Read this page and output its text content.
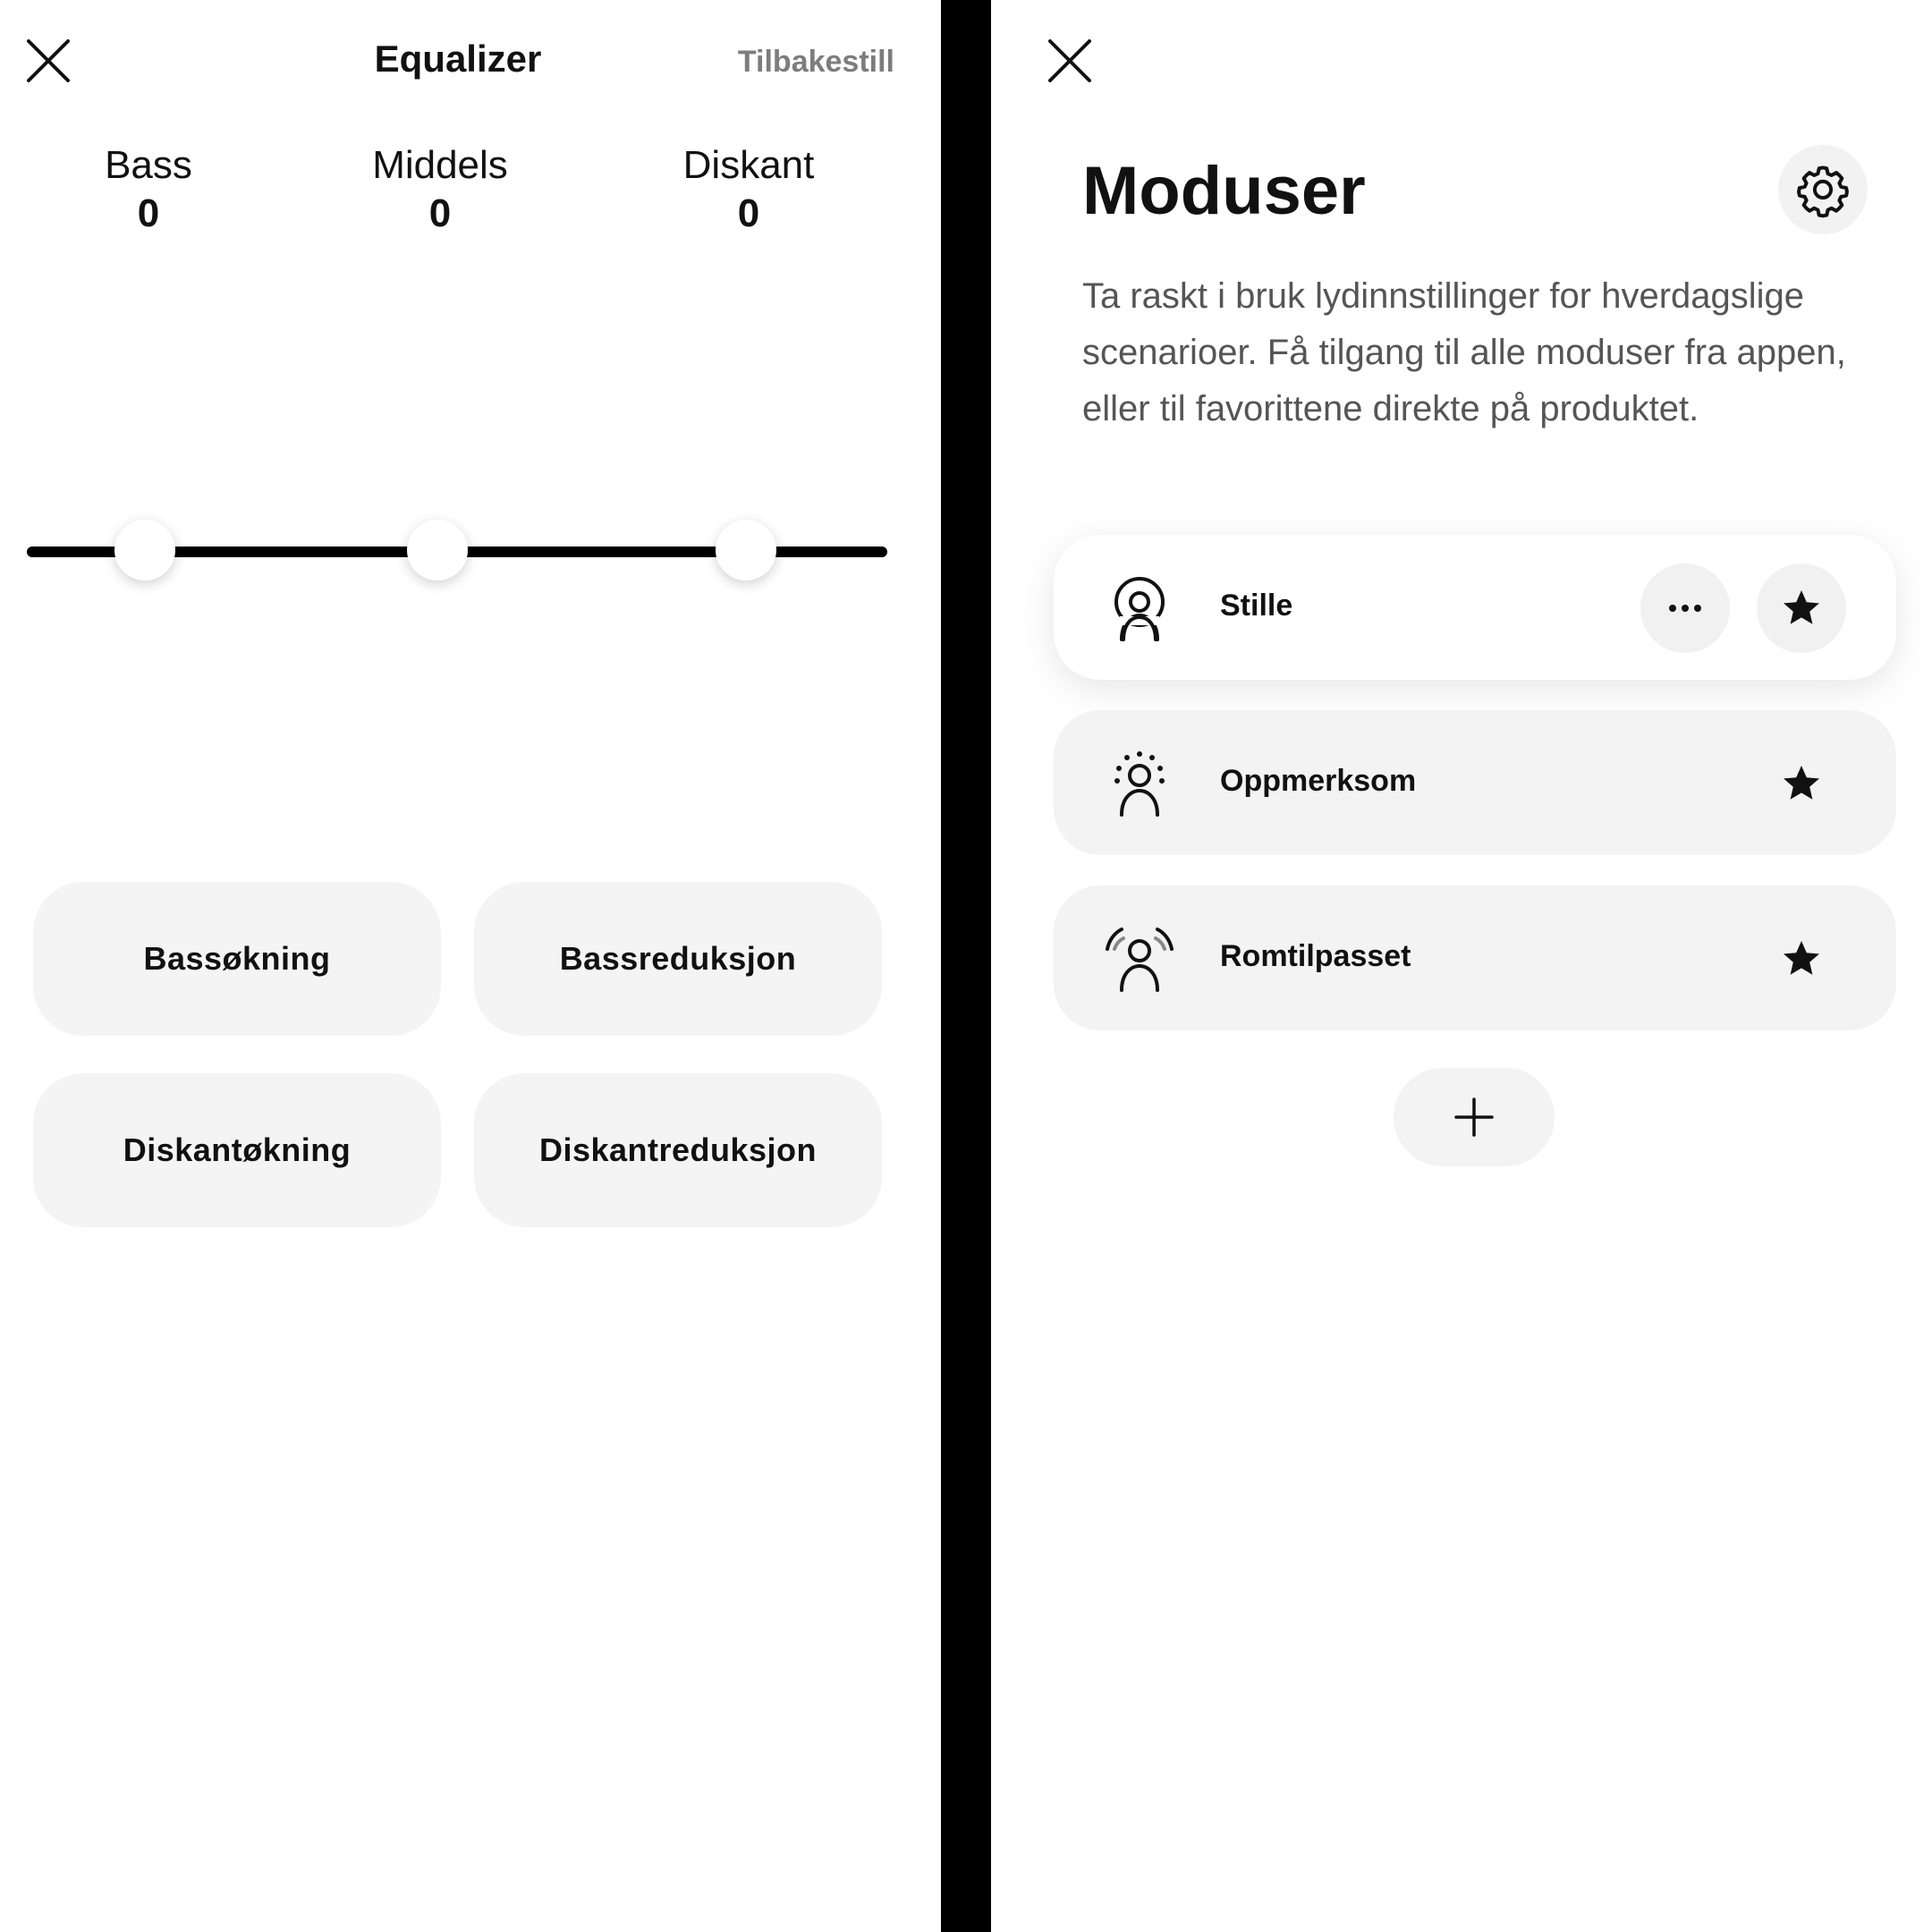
Equalizer	Tilbakestill
Bass
0
Middels
0
Diskant
0
Bassøkning	Bassreduksjon
Diskantøkning	Diskantreduksjon
Moduser
Ta raskt i bruk lydinnstillinger for hverdagslige scenarioer. Få tilgang til alle moduser fra appen, eller til favorittene direkte på produktet.
Stille
Oppmerksom
Romtilpasset
